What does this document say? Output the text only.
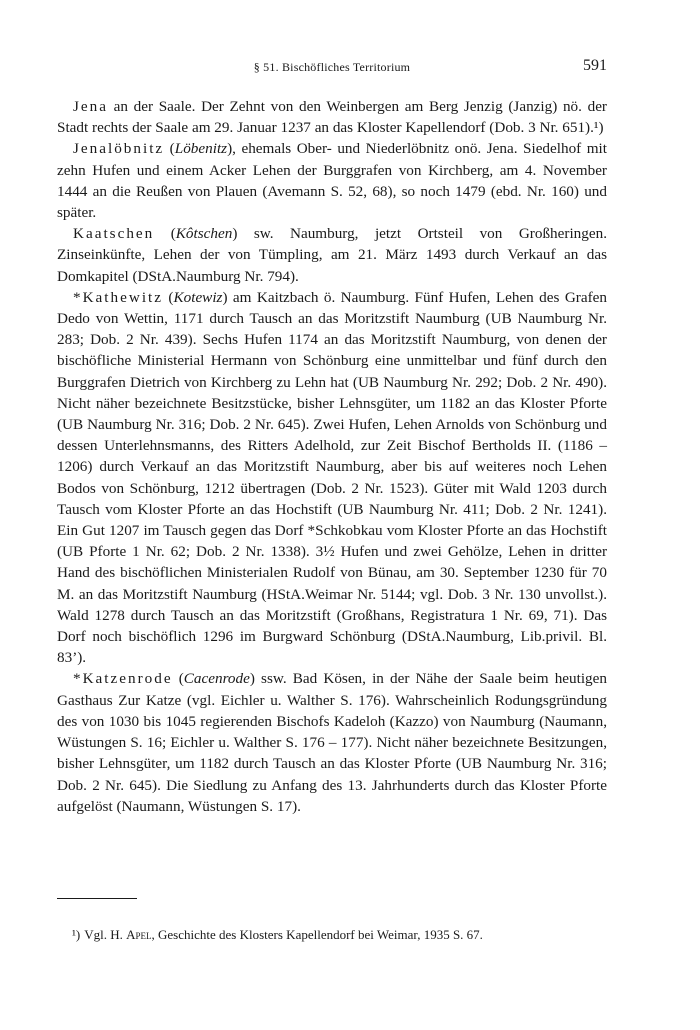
§ 51. Bischöfliches Territorium	591

Jena an der Saale. Der Zehnt von den Weinbergen am Berg Jenzig (Janzig) nö. der Stadt rechts der Saale am 29. Januar 1237 an das Kloster Kapellendorf (Dob. 3 Nr. 651).¹)

Jenalöbnitz (Löbenitz), ehemals Ober- und Niederlöbnitz onö. Jena. Siedelhof mit zehn Hufen und einem Acker Lehen der Burggrafen von Kirchberg, am 4. November 1444 an die Reußen von Plauen (Avemann S. 52, 68), so noch 1479 (ebd. Nr. 160) und später.

Kaatschen (Kôtschen) sw. Naumburg, jetzt Ortsteil von Großheringen. Zinseinkünfte, Lehen der von Tümpling, am 21. März 1493 durch Verkauf an das Domkapitel (DStA.Naumburg Nr. 794).

*Kathewitz (Kotewiz) am Kaitzbach ö. Naumburg. Fünf Hufen, Lehen des Grafen Dedo von Wettin, 1171 durch Tausch an das Moritzstift Naumburg (UB Naumburg Nr. 283; Dob. 2 Nr. 439). Sechs Hufen 1174 an das Moritzstift Naumburg, von denen der bischöfliche Ministerial Hermann von Schönburg eine unmittelbar und fünf durch den Burggrafen Dietrich von Kirchberg zu Lehn hat (UB Naumburg Nr. 292; Dob. 2 Nr. 490). Nicht näher bezeichnete Besitzstücke, bisher Lehnsgüter, um 1182 an das Kloster Pforte (UB Naumburg Nr. 316; Dob. 2 Nr. 645). Zwei Hufen, Lehen Arnolds von Schönburg und dessen Unterlehnsmanns, des Ritters Adelhold, zur Zeit Bischof Bertholds II. (1186 – 1206) durch Verkauf an das Moritzstift Naumburg, aber bis auf weiteres noch Lehen Bodos von Schönburg, 1212 übertragen (Dob. 2 Nr. 1523). Güter mit Wald 1203 durch Tausch vom Kloster Pforte an das Hochstift (UB Naumburg Nr. 411; Dob. 2 Nr. 1241). Ein Gut 1207 im Tausch gegen das Dorf *Schkobkau vom Kloster Pforte an das Hochstift (UB Pforte 1 Nr. 62; Dob. 2 Nr. 1338). 3½ Hufen und zwei Gehölze, Lehen in dritter Hand des bischöflichen Ministerialen Rudolf von Bünau, am 30. September 1230 für 70 M. an das Moritzstift Naumburg (HStA.Weimar Nr. 5144; vgl. Dob. 3 Nr. 130 unvollst.). Wald 1278 durch Tausch an das Moritzstift (Großhans, Registratura 1 Nr. 69, 71). Das Dorf noch bischöflich 1296 im Burgward Schönburg (DStA.Naumburg, Lib.privil. Bl. 83’).

*Katzenrode (Cacenrode) ssw. Bad Kösen, in der Nähe der Saale beim heutigen Gasthaus Zur Katze (vgl. Eichler u. Walther S. 176). Wahrscheinlich Rodungsgründung des von 1030 bis 1045 regierenden Bischofs Kadeloh (Kazzo) von Naumburg (Naumann, Wüstungen S. 16; Eichler u. Walther S. 176 – 177). Nicht näher bezeichnete Besitzungen, bisher Lehnsgüter, um 1182 durch Tausch an das Kloster Pforte (UB Naumburg Nr. 316; Dob. 2 Nr. 645). Die Siedlung zu Anfang des 13. Jahrhunderts durch das Kloster Pforte aufgelöst (Naumann, Wüstungen S. 17).

¹) Vgl. H. Apel, Geschichte des Klosters Kapellendorf bei Weimar, 1935 S. 67.
